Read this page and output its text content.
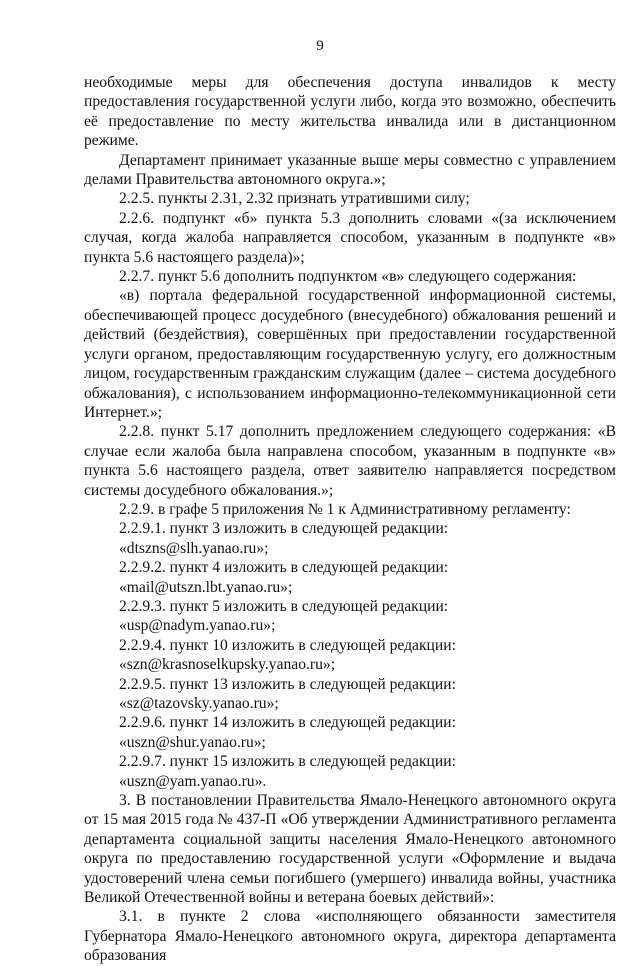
9

необходимые меры для обеспечения доступа инвалидов к месту предоставления государственной услуги либо, когда это возможно, обеспечить её предоставление по месту жительства инвалида или в дистанционном режиме.

Департамент принимает указанные выше меры совместно с управлением делами Правительства автономного округа.»;

2.2.5. пункты 2.31, 2.32 признать утратившими силу;

2.2.6. подпункт «б» пункта 5.3 дополнить словами «(за исключением случая, когда жалоба направляется способом, указанным в подпункте «в» пункта 5.6 настоящего раздела)»;

2.2.7. пункт 5.6 дополнить подпунктом «в» следующего содержания:

«в) портала федеральной государственной информационной системы, обеспечивающей процесс досудебного (внесудебного) обжалования решений и действий (бездействия), совершённых при предоставлении государственной услуги органом, предоставляющим государственную услугу, его должностным лицом, государственным гражданским служащим (далее – система досудебного обжалования), с использованием информационно-телекоммуникационной сети Интернет.»;

2.2.8. пункт 5.17 дополнить предложением следующего содержания: «В случае если жалоба была направлена способом, указанным в подпункте «в» пункта 5.6 настоящего раздела, ответ заявителю направляется посредством системы досудебного обжалования.»;

2.2.9. в графе 5 приложения № 1 к Административному регламенту:

2.2.9.1. пункт 3 изложить в следующей редакции:

«dtszns@slh.yanao.ru»;

2.2.9.2. пункт 4 изложить в следующей редакции:

«mail@utszn.lbt.yanao.ru»;

2.2.9.3. пункт 5 изложить в следующей редакции:

«usp@nadym.yanao.ru»;

2.2.9.4. пункт 10 изложить в следующей редакции:

«szn@krasnoselkupsky.yanao.ru»;

2.2.9.5. пункт 13 изложить в следующей редакции:

«sz@tazovsky.yanao.ru»;

2.2.9.6. пункт 14 изложить в следующей редакции:

«uszn@shur.yanao.ru»;

2.2.9.7. пункт 15 изложить в следующей редакции:

«uszn@yam.yanao.ru».

3. В постановлении Правительства Ямало-Ненецкого автономного округа от 15 мая 2015 года № 437-П «Об утверждении Административного регламента департамента социальной защиты населения Ямало-Ненецкого автономного округа по предоставлению государственной услуги «Оформление и выдача удостоверений члена семьи погибшего (умершего) инвалида войны, участника Великой Отечественной войны и ветерана боевых действий»:

3.1. в пункте 2 слова «исполняющего обязанности заместителя Губернатора Ямало-Ненецкого автономного округа, директора департамента образования
